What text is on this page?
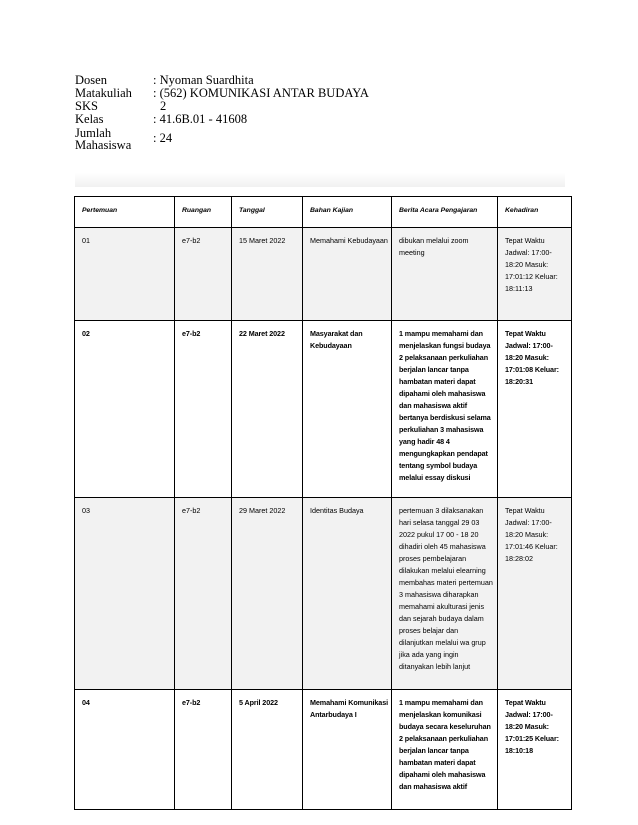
Dosen	: Nyoman Suardhita
Matakuliah	: (562) KOMUNIKASI ANTAR BUDAYA
SKS	2
Kelas	: 41.6B.01 - 41608
Jumlah
Mahasiswa	: 24
Pertemuan	Ruangan	Tanggal	Bahan Kajian	Berita Acara Pengajaran	Kehadiran
01	e7-b2	15 Maret 2022	Memahami Kebudayaan	dibukan melalui zoom meeting	Tepat Waktu Jadwal: 17:00-18:20 Masuk: 17:01:12 Keluar: 18:11:13
02	e7-b2	22 Maret 2022	Masyarakat dan Kebudayaan	1 mampu memahami dan menjelaskan fungsi budaya 2 pelaksanaan perkuliahan berjalan lancar tanpa hambatan materi dapat dipahami oleh mahasiswa dan mahasiswa aktif bertanya berdiskusi selama perkuliahan 3 mahasiswa yang hadir 48 4 mengungkapkan pendapat tentang symbol budaya melalui essay diskusi	Tepat Waktu Jadwal: 17:00-18:20 Masuk: 17:01:08 Keluar: 18:20:31
03	e7-b2	29 Maret 2022	Identitas Budaya	pertemuan 3 dilaksanakan hari selasa tanggal 29 03 2022 pukul 17 00 - 18 20 dihadiri oleh 45 mahasiswa proses pembelajaran dilakukan melalui elearning membahas materi pertemuan 3 mahasiswa diharapkan memahami akulturasi jenis dan sejarah budaya dalam proses belajar dan dilanjutkan melalui wa grup jika ada yang ingin ditanyakan lebih lanjut	Tepat Waktu Jadwal: 17:00-18:20 Masuk: 17:01:46 Keluar: 18:28:02
04	e7-b2	5 April 2022	Memahami Komunikasi Antarbudaya I	1 mampu memahami dan menjelaskan komunikasi budaya secara keseluruhan 2 pelaksanaan perkuliahan berjalan lancar tanpa hambatan materi dapat dipahami oleh mahasiswa dan mahasiswa aktif	Tepat Waktu Jadwal: 17:00-18:20 Masuk: 17:01:25 Keluar: 18:10:18
